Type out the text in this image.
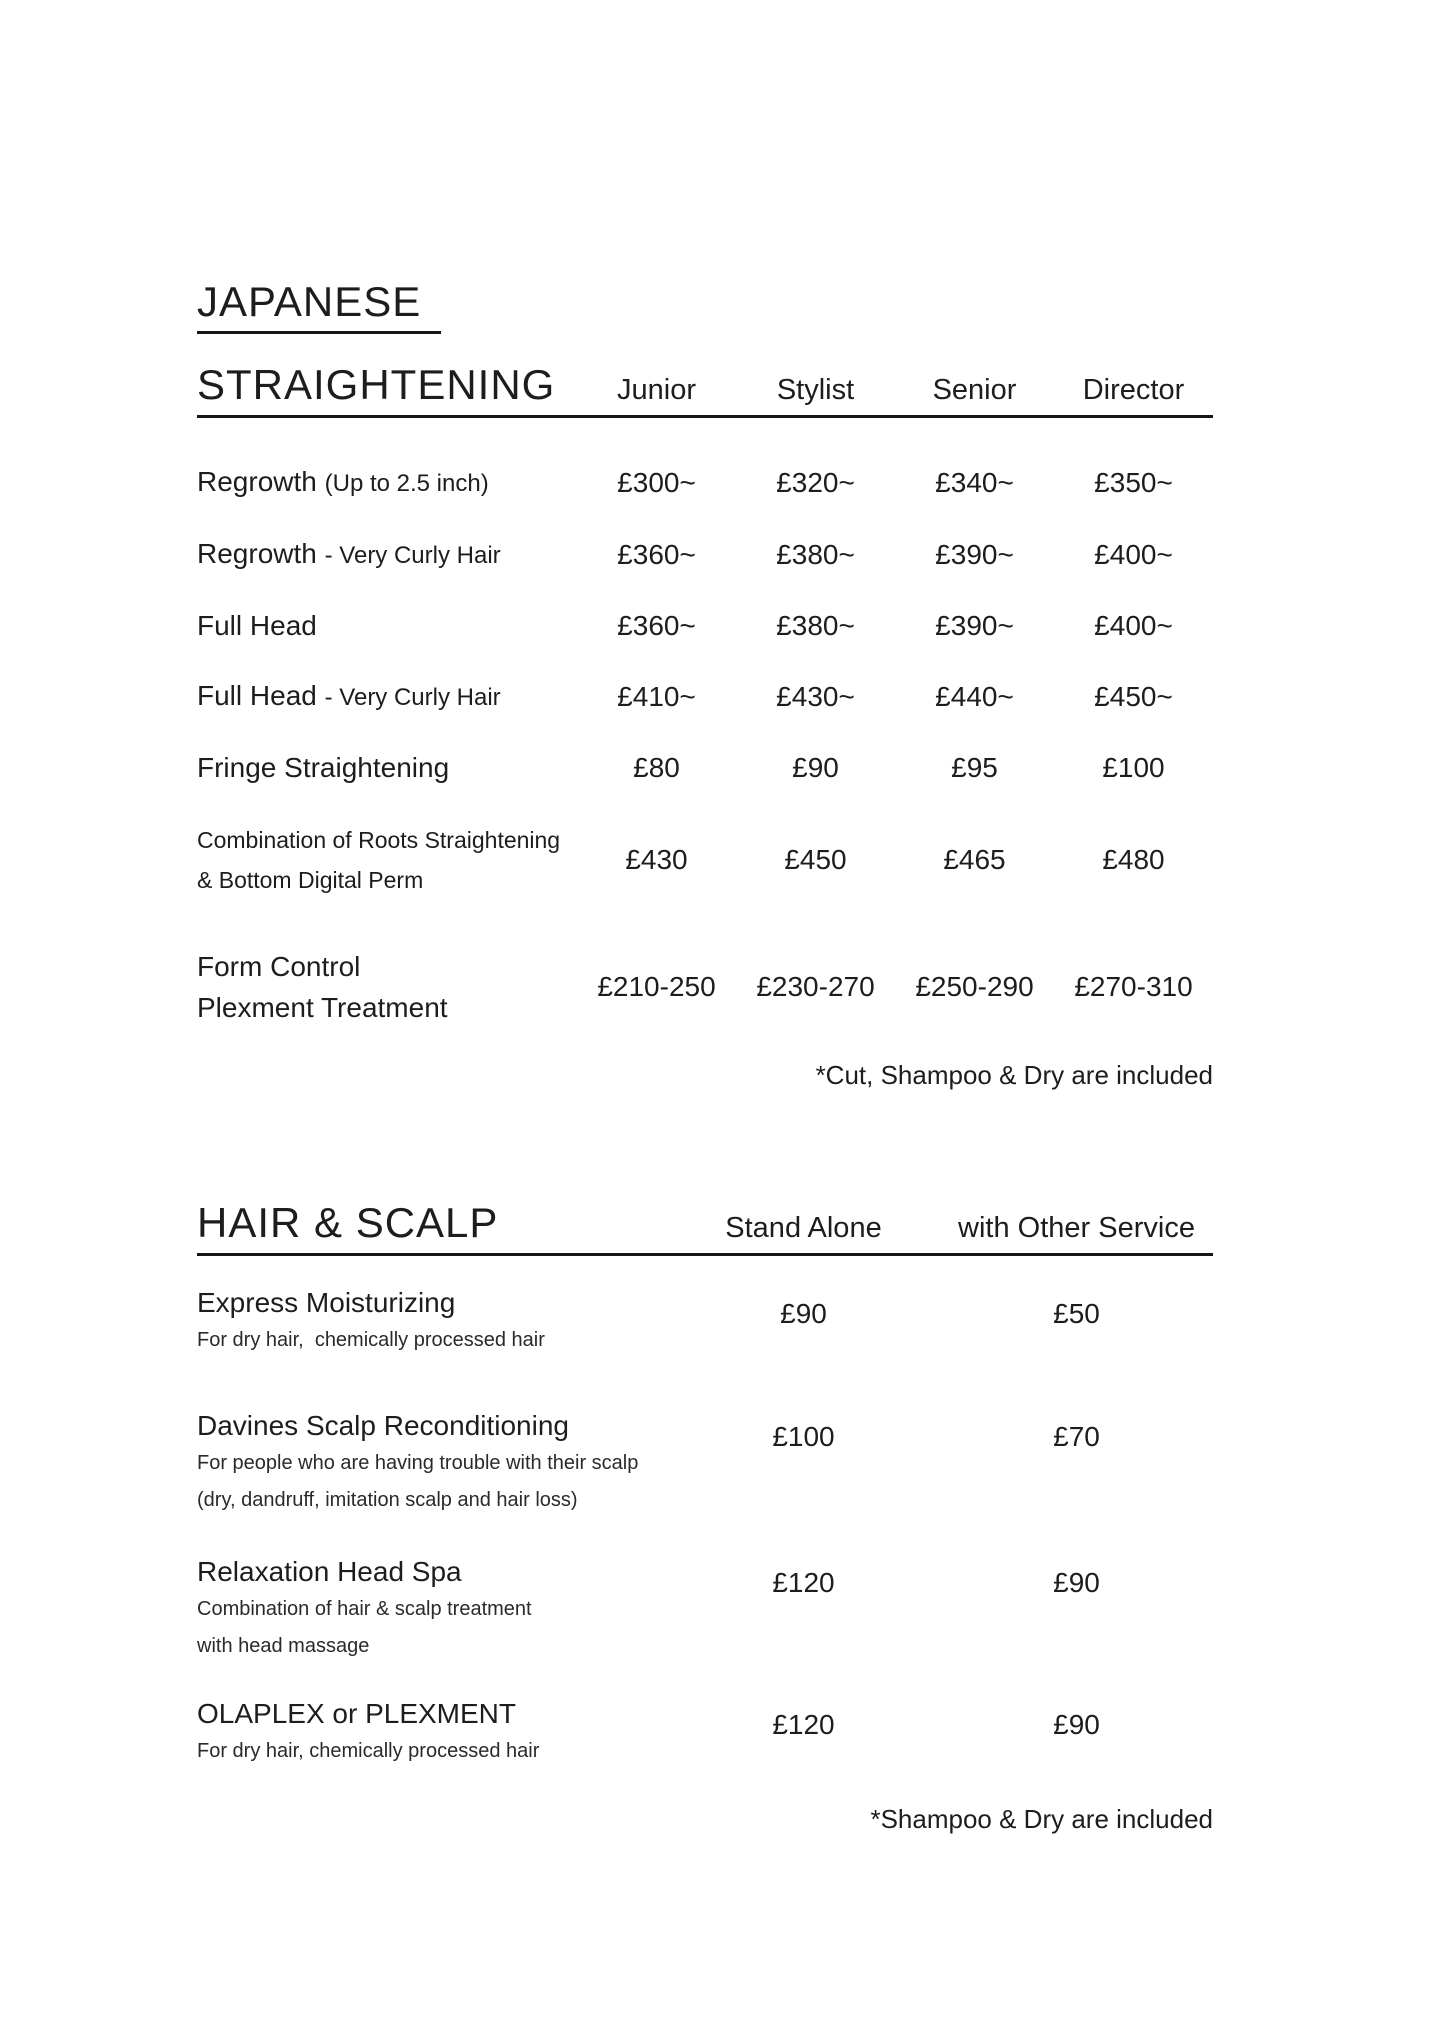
JAPANESE
STRAIGHTENING	Junior	Stylist	Senior	Director
Regrowth (Up to 2.5 inch)	£300~	£320~	£340~	£350~
Regrowth - Very Curly Hair	£360~	£380~	£390~	£400~
Full Head	£360~	£380~	£390~	£400~
Full Head - Very Curly Hair	£410~	£430~	£440~	£450~
Fringe Straightening	£80	£90	£95	£100
Combination of Roots Straightening
& Bottom Digital Perm
£430	£450	£465	£480
Form Control
Plexment Treatment
£210-250	£230-270	£250-290	£270-310
*Cut, Shampoo & Dry are included
HAIR & SCALP	Stand Alone	with Other Service
Express Moisturizing

For dry hair,  chemically processed hair

£90	£50
Davines Scalp Reconditioning

For people who are having trouble with their scalp

(dry, dandruff, imitation scalp and hair loss)

£100	£70
Relaxation Head Spa

Combination of hair & scalp treatment

with head massage

£120	£90
OLAPLEX or PLEXMENT

For dry hair, chemically processed hair

£120	£90
*Shampoo & Dry are included
